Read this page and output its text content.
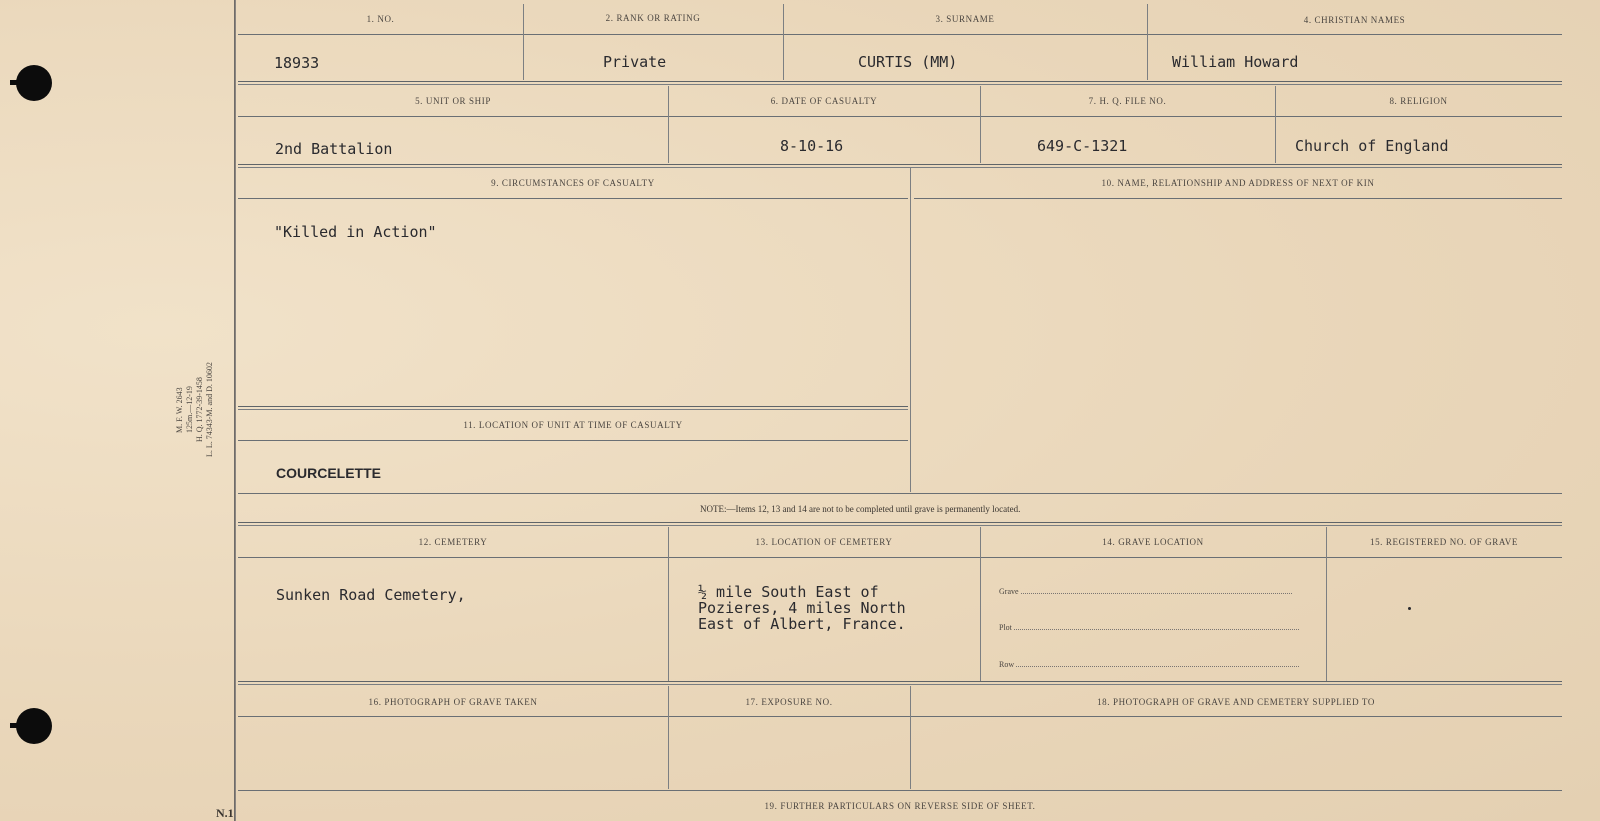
M. F. W. 2643 125m.—12-19 H. Q. 1772-39-1458 L. L. 74343-M. and D. 10602
N.1
1. NO.	2. RANK OR RATING	3. SURNAME	4. CHRISTIAN NAMES
18933	Private	CURTIS (MM)	William Howard
5. UNIT OR SHIP	6. DATE OF CASUALTY	7. H. Q. FILE NO.	8. RELIGION
2nd Battalion	8-10-16	649-C-1321	Church of England
9. CIRCUMSTANCES OF CASUALTY	10. NAME, RELATIONSHIP AND ADDRESS OF NEXT OF KIN
"Killed in Action"
11. LOCATION OF UNIT AT TIME OF CASUALTY
COURCELETTE
NOTE:—Items 12, 13 and 14 are not to be completed until grave is permanently located.
12. CEMETERY	13. LOCATION OF CEMETERY	14. GRAVE LOCATION	15. REGISTERED NO. OF GRAVE
Sunken Road Cemetery,	½ mile South East of
Pozieres, 4 miles North
East of Albert, France.
Grave
Plot
Row
16. PHOTOGRAPH OF GRAVE TAKEN	17. EXPOSURE NO.	18. PHOTOGRAPH OF GRAVE AND CEMETERY SUPPLIED TO
19. FURTHER PARTICULARS ON REVERSE SIDE OF SHEET.
